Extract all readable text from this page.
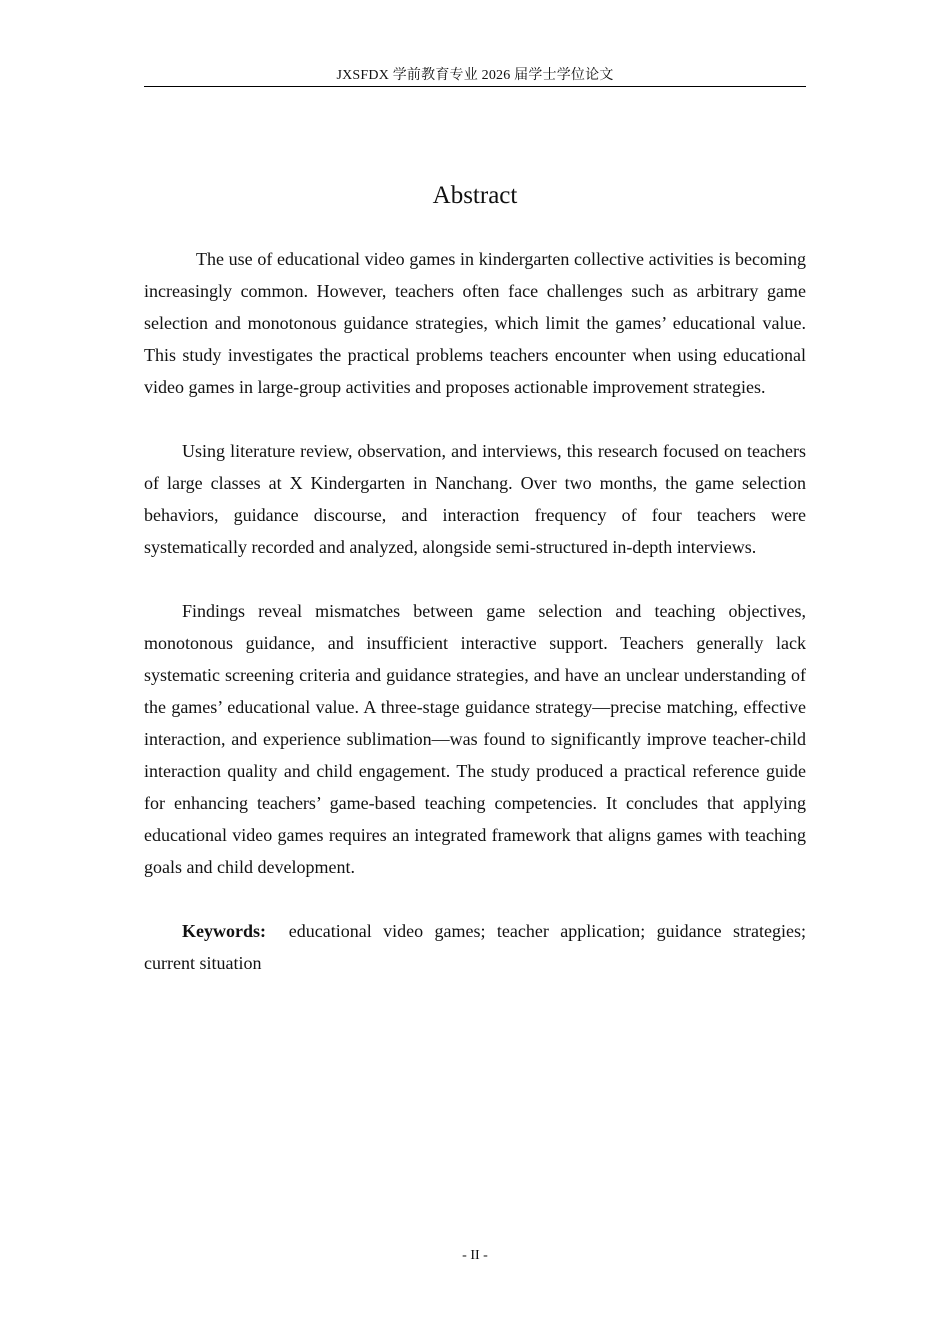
JXSFDX 学前教育专业 2026 届学士学位论文
Abstract

The use of educational video games in kindergarten collective activities is becoming increasingly common. However, teachers often face challenges such as arbitrary game selection and monotonous guidance strategies, which limit the games’ educational value. This study investigates the practical problems teachers encounter when using educational video games in large-group activities and proposes actionable improvement strategies.

Using literature review, observation, and interviews, this research focused on teachers of large classes at X Kindergarten in Nanchang. Over two months, the game selection behaviors, guidance discourse, and interaction frequency of four teachers were systematically recorded and analyzed, alongside semi-structured in-depth interviews.

Findings reveal mismatches between game selection and teaching objectives, monotonous guidance, and insufficient interactive support. Teachers generally lack systematic screening criteria and guidance strategies, and have an unclear understanding of the games’ educational value. A three-stage guidance strategy—precise matching, effective interaction, and experience sublimation—was found to significantly improve teacher-child interaction quality and child engagement. The study produced a practical reference guide for enhancing teachers’ game-based teaching competencies. It concludes that applying educational video games requires an integrated framework that aligns games with teaching goals and child development.

Keywords: educational video games; teacher application; guidance strategies; current situation

- II -
